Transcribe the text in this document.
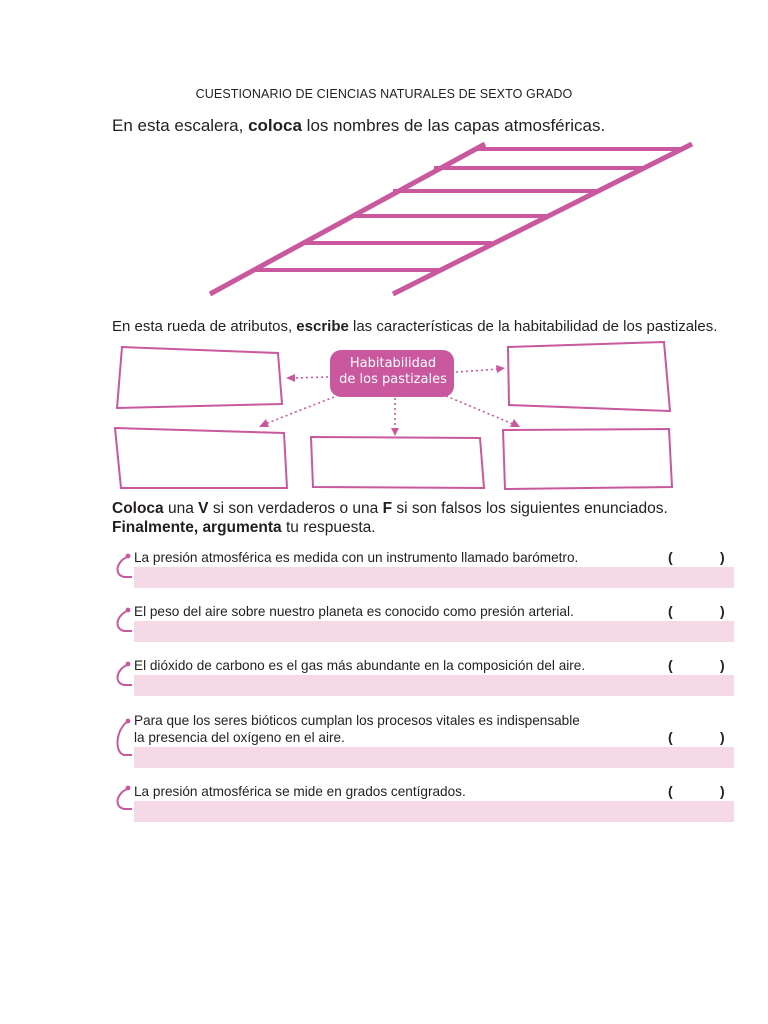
CUESTIONARIO DE CIENCIAS NATURALES DE SEXTO GRADO
En esta escalera, coloca los nombres de las capas atmosféricas.
Habitabilidad
de los pastizales
En esta rueda de atributos, escribe las características de la habitabilidad de los pastizales.
Coloca una V si son verdaderos o una F si son falsos los siguientes enunciados.
Finalmente, argumenta tu respuesta.
La presión atmosférica es medida con un instrumento llamado barómetro.	(	)
El peso del aire sobre nuestro planeta es conocido como presión arterial.	(	)
El dióxido de carbono es el gas más abundante en la composición del aire.	(	)
Para que los seres bióticos cumplan los procesos vitales es indispensable
la presencia del oxígeno en el aire.	(	)
La presión atmosférica se mide en grados centígrados.	(	)
